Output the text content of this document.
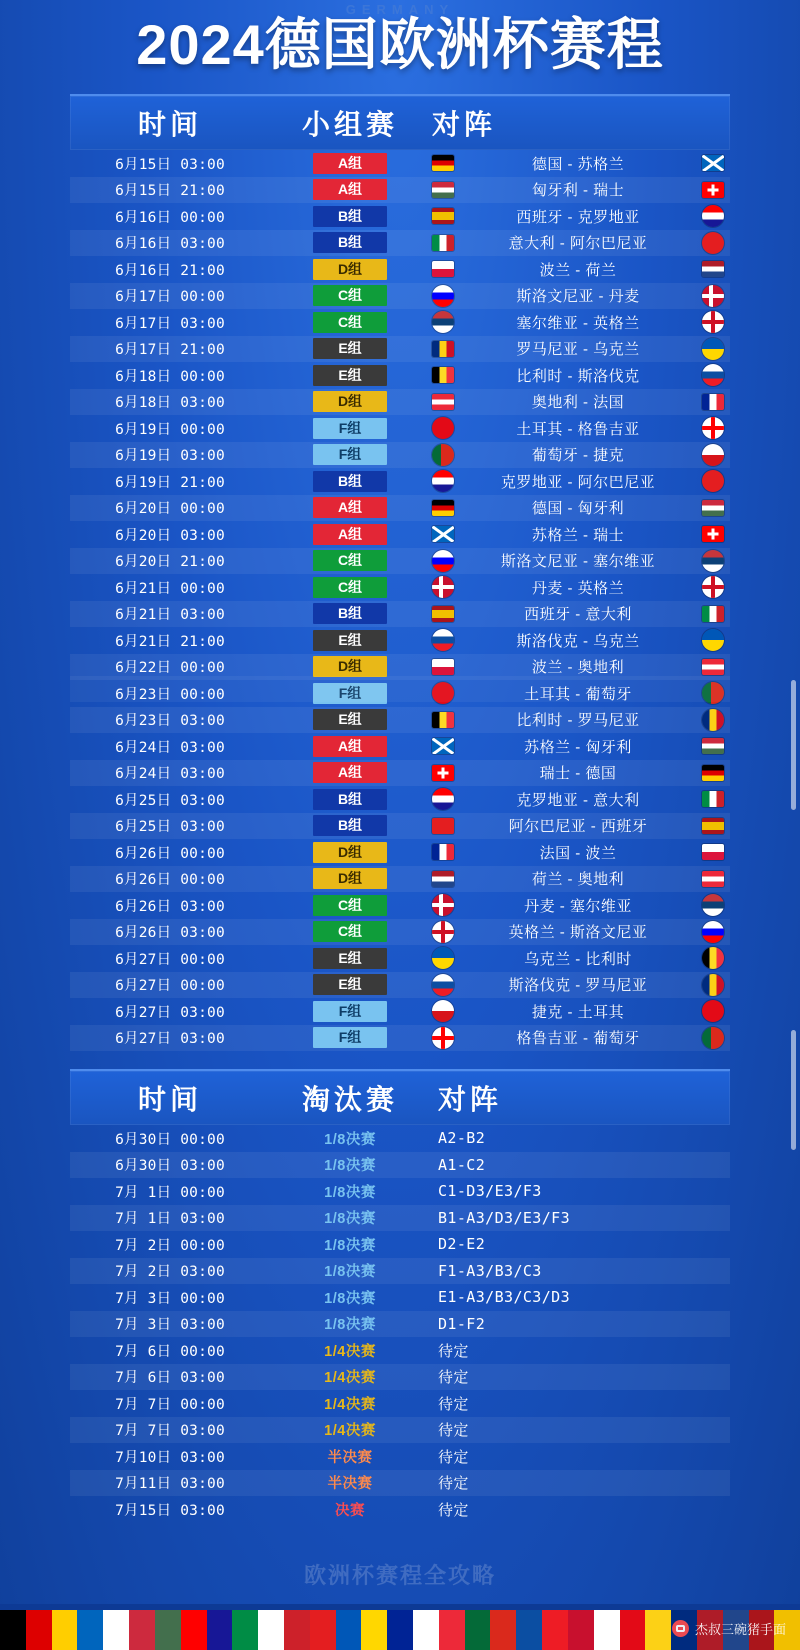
GERMANY
2024德国欧洲杯赛程
时间	小组赛	对阵
6月15日 03:00	A组	德国 - 苏格兰
6月15日 21:00	A组	匈牙利 - 瑞士
6月16日 00:00	B组	西班牙 - 克罗地亚
6月16日 03:00	B组	意大利 - 阿尔巴尼亚
6月16日 21:00	D组	波兰 - 荷兰
6月17日 00:00	C组	斯洛文尼亚 - 丹麦
6月17日 03:00	C组	塞尔维亚 - 英格兰
6月17日 21:00	E组	罗马尼亚 - 乌克兰
6月18日 00:00	E组	比利时 - 斯洛伐克
6月18日 03:00	D组	奥地利 - 法国
6月19日 00:00	F组	土耳其 - 格鲁吉亚
6月19日 03:00	F组	葡萄牙 - 捷克
6月19日 21:00	B组	克罗地亚 - 阿尔巴尼亚
6月20日 00:00	A组	德国 - 匈牙利
6月20日 03:00	A组	苏格兰 - 瑞士
6月20日 21:00	C组	斯洛文尼亚 - 塞尔维亚
6月21日 00:00	C组	丹麦 - 英格兰
6月21日 03:00	B组	西班牙 - 意大利
6月21日 21:00	E组	斯洛伐克 - 乌克兰
6月22日 00:00	D组	波兰 - 奥地利
6月23日 00:00	F组	土耳其 - 葡萄牙
6月23日 03:00	E组	比利时 - 罗马尼亚
6月24日 03:00	A组	苏格兰 - 匈牙利
6月24日 03:00	A组	瑞士 - 德国
6月25日 03:00	B组	克罗地亚 - 意大利
6月25日 03:00	B组	阿尔巴尼亚 - 西班牙
6月26日 00:00	D组	法国 - 波兰
6月26日 00:00	D组	荷兰 - 奥地利
6月26日 03:00	C组	丹麦 - 塞尔维亚
6月26日 03:00	C组	英格兰 - 斯洛文尼亚
6月27日 00:00	E组	乌克兰 - 比利时
6月27日 00:00	E组	斯洛伐克 - 罗马尼亚
6月27日 03:00	F组	捷克 - 土耳其
6月27日 03:00	F组	格鲁吉亚 - 葡萄牙
时间	淘汰赛	对阵
6月30日 00:00	1/8决赛	A2-B2
6月30日 03:00	1/8决赛	A1-C2
7月 1日 00:00	1/8决赛	C1-D3/E3/F3
7月 1日 03:00	1/8决赛	B1-A3/D3/E3/F3
7月 2日 00:00	1/8决赛	D2-E2
7月 2日 03:00	1/8决赛	F1-A3/B3/C3
7月 3日 00:00	1/8决赛	E1-A3/B3/C3/D3
7月 3日 03:00	1/8决赛	D1-F2
7月 6日 00:00	1/4决赛	待定
7月 6日 03:00	1/4决赛	待定
7月 7日 00:00	1/4决赛	待定
7月 7日 03:00	1/4决赛	待定
7月10日 03:00	半决赛	待定
7月11日 03:00	半决赛	待定
7月15日 03:00	决赛	待定
欧洲杯赛程全攻略
杰叔三碗猪手面
